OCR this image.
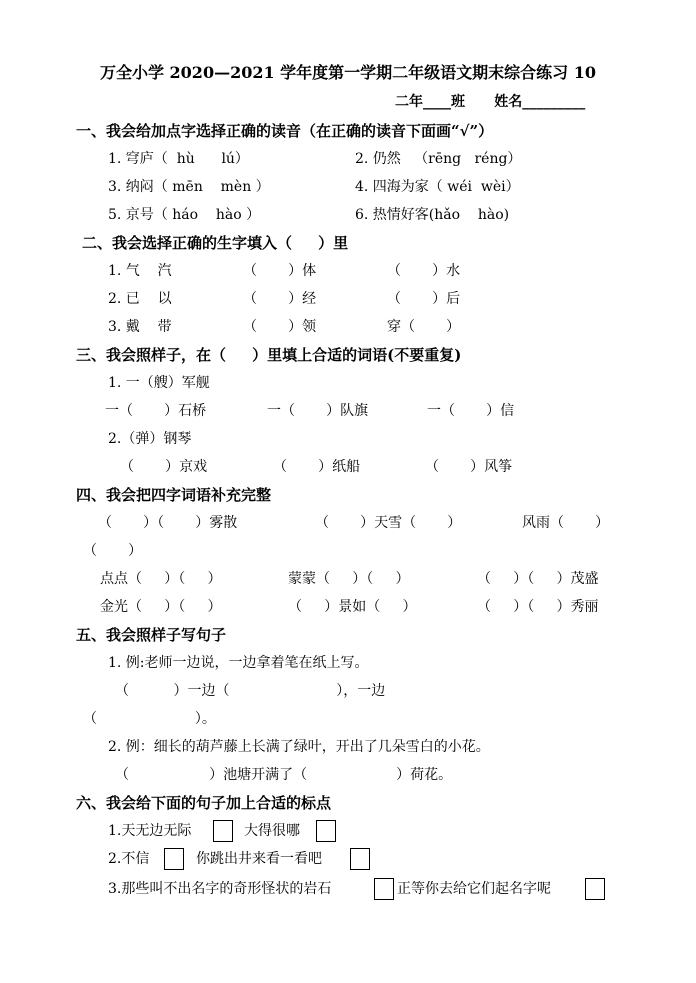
万全小学 2020—2021 学年度第一学期二年级语文期末综合练习 10
二年____班      姓名_________
一、我会给加点字选择正确的读音（在正确的读音下面画“√”）
1. 穹庐（  hù      lú）	2. 仍然   （rēng   réng）
3. 纳闷（ mēn    mèn ）	4. 四海为家（ wéi  wèi）
5. 京号（ háo    hào ）	6. 热情好客(hǎo    hào)
二、我会选择正确的生字填入（     ）里
1. 气    汽	（       ）体	（       ）水
2. 已    以	（       ）经	（       ）后
3. 戴    带	（       ）领	穿（       ）
三、我会照样子，在（     ）里填上合适的词语(不要重复)
1. 一（艘）军舰
一（       ）石桥	一（       ）队旗	一（       ）信
2.（弹）钢琴
（       ）京戏	（       ）纸船	（       ）风筝
四、我会把四字词语补充完整
（       ）（       ）雾散	（       ）天雪（       ）	风雨（       ）
（       ）
点点（     ）（     ）	蒙蒙（     ）（     ）	（     ）（     ）茂盛
金光（     ）（     ）	（     ）景如（     ）	（     ）（     ）秀丽
五、我会照样子写句子
1. 例:老师一边说，一边拿着笔在纸上写。
（          ）一边（                        ），一边
（                      ）。
2. 例：细长的葫芦藤上长满了绿叶，开出了几朵雪白的小花。
（                  ）池塘开满了（                    ）荷花。
六、我会给下面的句子加上合适的标点
1.天无边无际	大得很哪
2.不信	你跳出井来看一看吧
3.那些叫不出名字的奇形怪状的岩石	正等你去给它们起名字呢
